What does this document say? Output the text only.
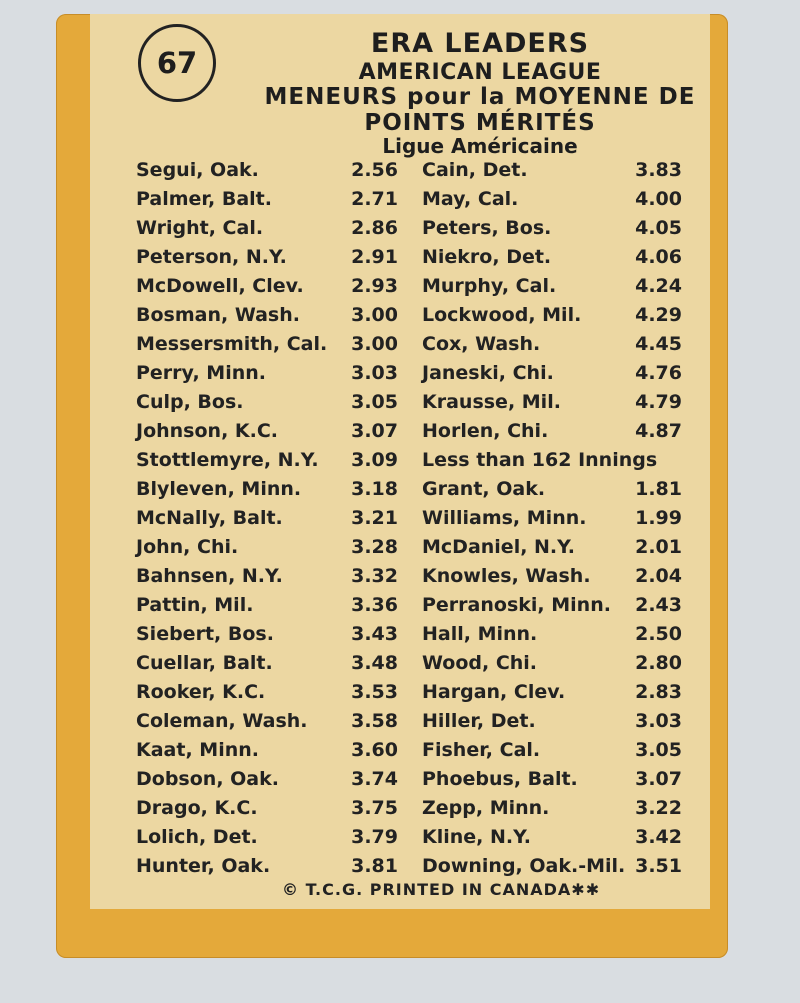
67
ERA LEADERS
AMERICAN LEAGUE
MENEURS pour la MOYENNE DE
POINTS MÉRITÉS
Ligue Américaine
Segui, Oak.	2.56 Cain, Det.	3.83
Palmer, Balt.	2.71 May, Cal.	4.00
Wright, Cal.	2.86 Peters, Bos.	4.05
Peterson, N.Y.	2.91 Niekro, Det.	4.06
McDowell, Clev.	2.93 Murphy, Cal.	4.24
Bosman, Wash.	3.00 Lockwood, Mil.	4.29
Messersmith, Cal.	3.00 Cox, Wash.	4.45
Perry, Minn.	3.03 Janeski, Chi.	4.76
Culp, Bos.	3.05 Krausse, Mil.	4.79
Johnson, K.C.	3.07 Horlen, Chi.	4.87
Stottlemyre, N.Y.	3.09 Less than 162 Innings
Blyleven, Minn.	3.18 Grant, Oak.	1.81
McNally, Balt.	3.21 Williams, Minn.	1.99
John, Chi.	3.28 McDaniel, N.Y.	2.01
Bahnsen, N.Y.	3.32 Knowles, Wash.	2.04
Pattin, Mil.	3.36 Perranoski, Minn.	2.43
Siebert, Bos.	3.43 Hall, Minn.	2.50
Cuellar, Balt.	3.48 Wood, Chi.	2.80
Rooker, K.C.	3.53 Hargan, Clev.	2.83
Coleman, Wash.	3.58 Hiller, Det.	3.03
Kaat, Minn.	3.60 Fisher, Cal.	3.05
Dobson, Oak.	3.74 Phoebus, Balt.	3.07
Drago, K.C.	3.75 Zepp, Minn.	3.22
Lolich, Det.	3.79 Kline, N.Y.	3.42
Hunter, Oak.	3.81 Downing, Oak.-Mil. 3.51
© T.C.G. PRINTED IN CANADA✱✱
